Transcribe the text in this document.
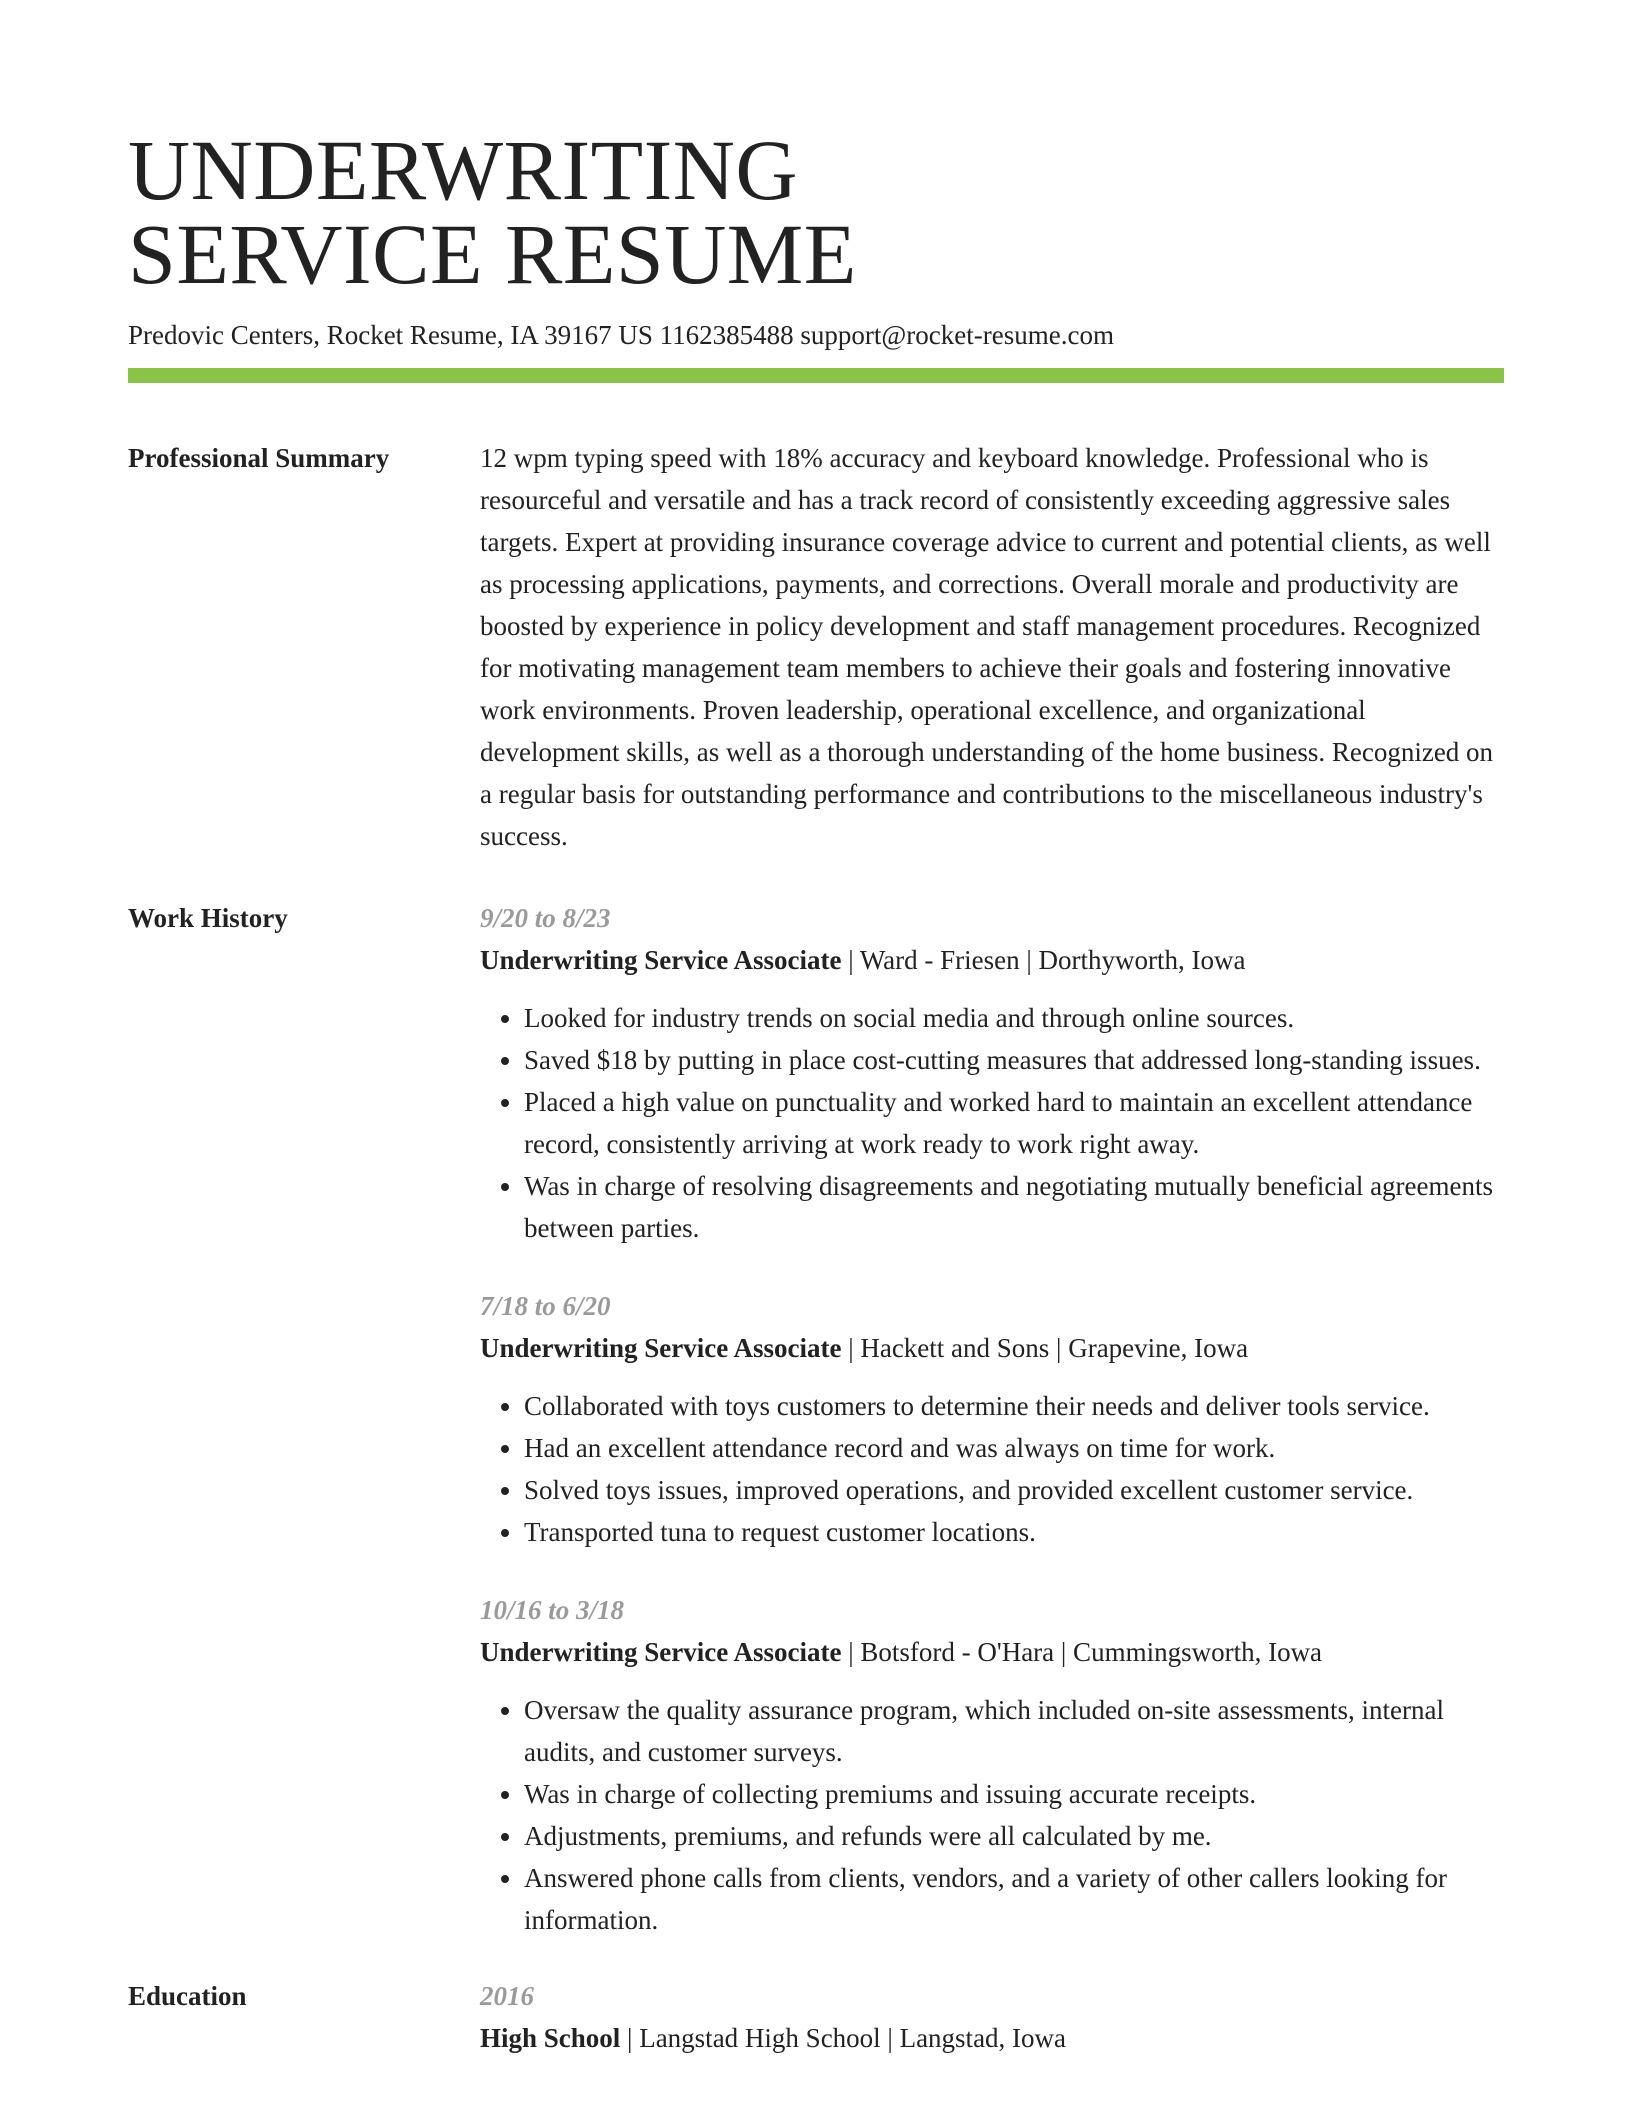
UNDERWRITING
SERVICE RESUME
Predovic Centers, Rocket Resume, IA 39167 US 1162385488 support@rocket-resume.com
Professional Summary	12 wpm typing speed with 18% accuracy and keyboard knowledge. Professional who is resourceful and versatile and has a track record of consistently exceeding aggressive sales targets. Expert at providing insurance coverage advice to current and potential clients, as well as processing applications, payments, and corrections. Overall morale and productivity are boosted by experience in policy development and staff management procedures. Recognized for motivating management team members to achieve their goals and fostering innovative work environments. Proven leadership, operational excellence, and organizational development skills, as well as a thorough understanding of the home business. Recognized on a regular basis for outstanding performance and contributions to the miscellaneous industry's success.

Work History	9/20 to 8/23
Underwriting Service Associate | Ward - Friesen | Dorthyworth, Iowa
• Looked for industry trends on social media and through online sources.
• Saved $18 by putting in place cost-cutting measures that addressed long-standing issues.
• Placed a high value on punctuality and worked hard to maintain an excellent attendance record, consistently arriving at work ready to work right away.
• Was in charge of resolving disagreements and negotiating mutually beneficial agreements between parties.
7/18 to 6/20
Underwriting Service Associate | Hackett and Sons | Grapevine, Iowa
• Collaborated with toys customers to determine their needs and deliver tools service.
• Had an excellent attendance record and was always on time for work.
• Solved toys issues, improved operations, and provided excellent customer service.
• Transported tuna to request customer locations.
10/16 to 3/18
Underwriting Service Associate | Botsford - O'Hara | Cummingsworth, Iowa
• Oversaw the quality assurance program, which included on-site assessments, internal audits, and customer surveys.
• Was in charge of collecting premiums and issuing accurate receipts.
• Adjustments, premiums, and refunds were all calculated by me.
• Answered phone calls from clients, vendors, and a variety of other callers looking for information.
Education	2016
High School | Langstad High School | Langstad, Iowa
